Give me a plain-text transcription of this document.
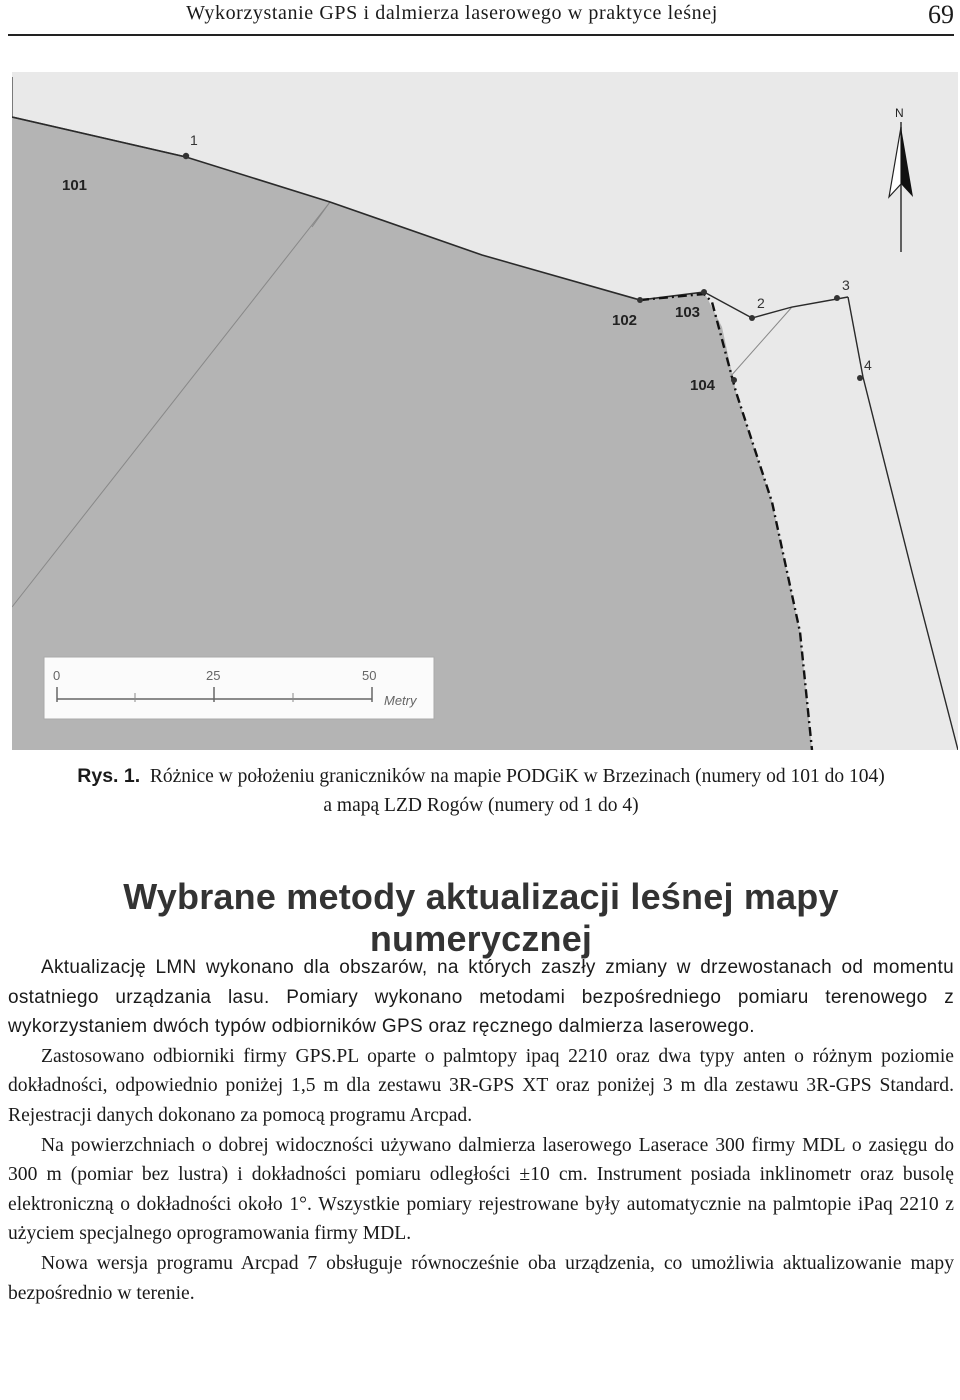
Wykorzystanie GPS i dalmierza laserowego w praktyce leśnej	69
101
102	103
104
1
2
3
4
N
0	25	50
Metry
Rys. 1. Różnice w położeniu graniczników na mapie PODGiK w Brzezinach (numery od 101 do 104)
a mapą LZD Rogów (numery od 1 do 4)
Wybrane metody aktualizacji leśnej mapy numerycznej

Aktualizację LMN wykonano dla obszarów, na których zaszły zmiany w drzewostanach od momentu ostatniego urządzania lasu. Pomiary wykonano metodami bezpośredniego pomiaru terenowego z wykorzystaniem dwóch typów odbiorników GPS oraz ręcznego dalmierza laserowego.

Zastosowano odbiorniki firmy GPS.PL oparte o palmtopy ipaq 2210 oraz dwa typy anten o różnym poziomie dokładności, odpowiednio poniżej 1,5 m dla zestawu 3R-GPS XT oraz poniżej 3 m dla zestawu 3R-GPS Standard. Rejestracji danych dokonano za pomocą programu Arcpad.

Na powierzchniach o dobrej widoczności używano dalmierza laserowego Laserace 300 firmy MDL o zasięgu do 300 m (pomiar bez lustra) i dokładności pomiaru odległości ±10 cm. Instrument posiada inklinometr oraz busolę elektroniczną o dokładności około 1°. Wszystkie pomiary rejestrowane były automatycznie na palmtopie iPaq 2210 z użyciem specjalnego oprogramowania firmy MDL.

Nowa wersja programu Arcpad 7 obsługuje równocześnie oba urządzenia, co umożliwia aktualizowanie mapy bezpośrednio w terenie.
